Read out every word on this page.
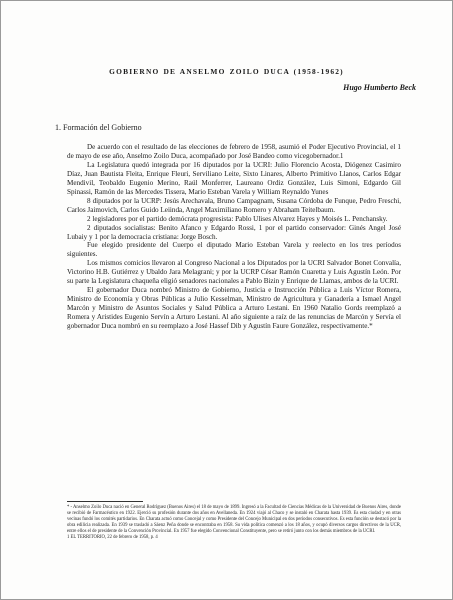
GOBIERNO DE ANSELMO ZOILO DUCA (1958-1962)
Hugo Humberto Beck
1. Formación del Gobierno

De acuerdo con el resultado de las elecciones de febrero de 1958, asumió el Poder Ejecutivo Provincial, el 1 de mayo de ese año, Anselmo Zoilo Duca, acompañado por José Bandeo como vicegobernador.1

La Legislatura quedó integrada por 16 diputados por la UCRI: Julio Florencio Acosta, Diógenez Casimiro Díaz, Juan Bautista Fleita, Enrique Fleuri, Serviliano Leite, Sixto Linares, Alberto Primitivo Llanos, Carlos Edgar Mendivil, Teobaldo Eugenio Merino, Raúl Monferrer, Laureano Ordiz González, Luis Simoni, Edgardo Gil Spinassi, Ramón de las Mercedes Tissera, Mario Esteban Varela y William Reynaldo Yunes

8 diputados por la UCRP: Jesús Arechavala, Bruno Campagnam, Susana Córdoba de Funque, Pedro Freschi, Carlos Jaimovich, Carlos Guido Leiinda, Angel Maximiliano Romero y Abraham Teitelbaum.

2 legisladores por el partido demócrata progresista: Pablo Ulises Alvarez Hayes y Moisés L. Penchansky.

2 diputados socialistas: Benito Afanco y Edgardo Rossi, 1 por el partido conservador: Ginés Angel José Lubaiy y 1 por la democracia cristiana: Jorge Bosch.

Fue elegido presidente del Cuerpo el diputado Mario Esteban Varela y reelecto en los tres períodos siguientes.

Los mismos comicios llevaron al Congreso Nacional a los Diputados por la UCRI Salvador Bonet Convalía, Victorino H.B. Gutiérrez y Ubaldo Jara Melagrani; y por la UCRP César Ramón Cuaretta y Luis Agustín León. Por su parte la Legislatura chaqueña eligió senadores nacionales a Pablo Bizin y Enrique de Llamas, ambos de la UCRI.

El gobernador Duca nombró Ministro de Gobierno, Justicia e Instrucción Pública a Luis Víctor Romera, Ministro de Economía y Obras Públicas a Julio Kesselman, Ministro de Agricultura y Ganadería a Ismael Angel Marcón y Ministro de Asuntos Sociales y Salud Pública a Arturo Lestani. En 1960 Natalio Gords reemplazó a Romera y Aristides Eugenio Servín a Arturo Lestani. Al año siguiente a raíz de las renuncias de Marcón y Servía el gobernador Duca nombró en su reemplazo a José Hassef Dib y Agustín Faure González, respectivamente.*

* - Anselmo Zoilo Duca nació en General Rodríguez (Buenos Aires) el 18 de mayo de 1899. Ingresó a la Facultad de Ciencias Médicas de la Universidad de Buenos Aires, donde se recibió de Farmacéutico en 1922. Ejerció su profesión durante dos años en Avellaneda. En 1924 viajó al Chaco y se instaló en Charata hasta 1939. Es esta ciudad y en otras vecinas fundó los comités partidarios. En Charata actuó como Concejal y como Presidente del Concejo Municipal en dos períodos consecutivos. Es esta función se destacó por la obra edilicia realizada. En 1939 se trasladó a Sáenz Peña donde se encontraba en 1958. Su vida política comenzó a los 18 años, y ocupó diversos cargos directivos de la UCR, entre ellos el de presidente de la Convención Provincial. En 1957 fue elegido Convencional Constituyente, pero se retiró junto con los demás miembros de la UCRI.

1 EL TERRITORIO, 22 de febrero de 1958, p. 4
